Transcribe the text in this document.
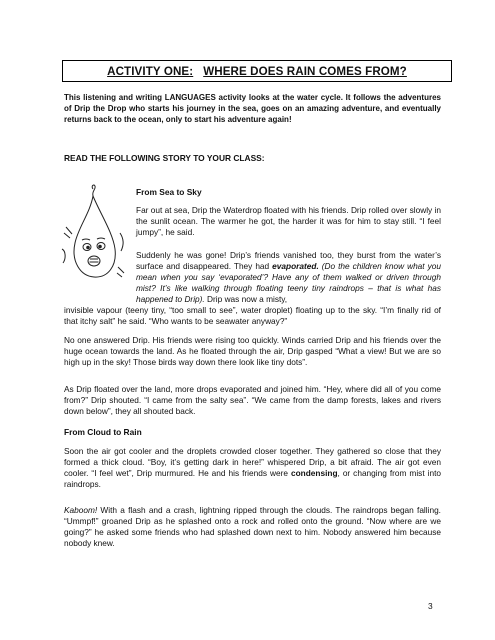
ACTIVITY ONE: WHERE DOES RAIN COMES FROM?

This listening and writing LANGUAGES activity looks at the water cycle. It follows the adventures of Drip the Drop who starts his journey in the sea, goes on an amazing adventure, and eventually returns back to the ocean, only to start his adventure again!

READ THE FOLLOWING STORY TO YOUR CLASS:

From Sea to Sky

Far out at sea, Drip the Waterdrop floated with his friends. Drip rolled over slowly in the sunlit ocean. The warmer he got, the harder it was for him to stay still. “I feel jumpy”, he said.

Suddenly he was gone! Drip’s friends vanished too, they burst from the water’s surface and disappeared. They had evaporated. (Do the children know what you mean when you say ‘evaporated’? Have any of them walked or driven through mist? It’s like walking through floating teeny tiny raindrops – that is what has happened to Drip). Drip was now a misty,

invisible vapour (teeny tiny, “too small to see”, water droplet) floating up to the sky. “I’m finally rid of that itchy salt” he said. “Who wants to be seawater anyway?”

No one answered Drip. His friends were rising too quickly. Winds carried Drip and his friends over the huge ocean towards the land. As he floated through the air, Drip gasped “What a view! But we are so high up in the sky! Those birds way down there look like tiny dots”.

As Drip floated over the land, more drops evaporated and joined him. “Hey, where did all of you come from?” Drip shouted. “I came from the salty sea”. “We came from the damp forests, lakes and rivers down below”, they all shouted back.

From Cloud to Rain

Soon the air got cooler and the droplets crowded closer together. They gathered so close that they formed a thick cloud. “Boy, it’s getting dark in here!” whispered Drip, a bit afraid. The air got even cooler. “I feel wet”, Drip murmured. He and his friends were condensing, or changing from mist into raindrops.

Kaboom! With a flash and a crash, lightning ripped through the clouds. The raindrops began falling. “Ummpf!” groaned Drip as he splashed onto a rock and rolled onto the ground. “Now where are we going?” he asked some friends who had splashed down next to him. Nobody answered him because nobody knew.

3
